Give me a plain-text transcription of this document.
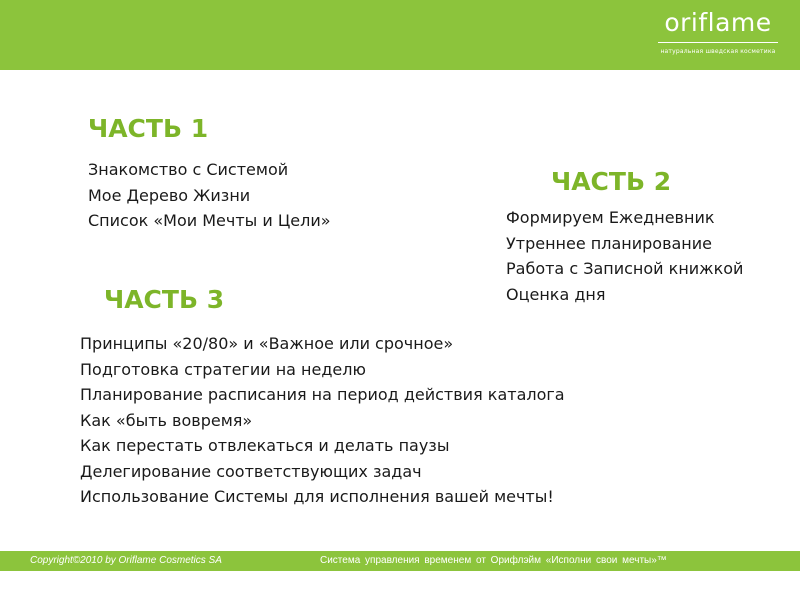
oriflame
натуральная шведская косметика
ЧАСТЬ 1
Знакомство с Системой
Мое Дерево Жизни
Список «Мои Мечты и Цели»
ЧАСТЬ 2
Формируем Ежедневник
Утреннее планирование
Работа с Записной книжкой
Оценка дня
ЧАСТЬ 3
Принципы «20/80» и «Важное или срочное»
Подготовка стратегии на неделю
Планирование расписания на период действия каталога
Как «быть вовремя»
Как перестать отвлекаться и делать паузы
Делегирование соответствующих задач
Использование Системы для исполнения вашей мечты!
Copyright©2010 by Oriflame Cosmetics SA	Система управления временем от Орифлэйм «Исполни свои мечты»™
